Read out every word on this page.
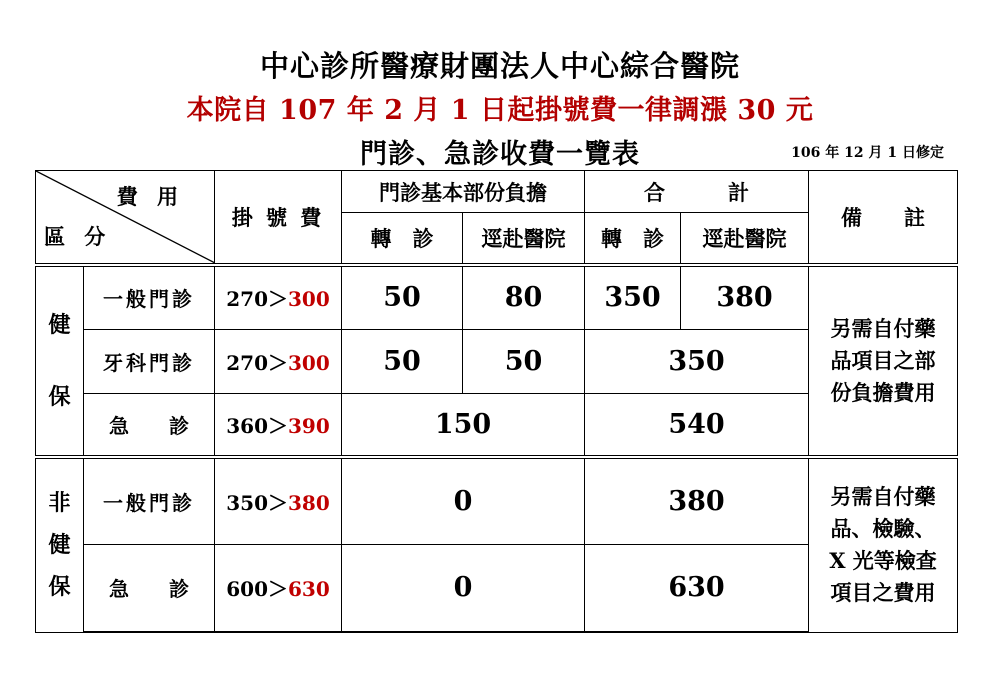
中心診所醫療財團法人中心綜合醫院
本院自 107 年 2 月 1 日起掛號費一律調漲 30 元
門診、急診收費一覽表	106 年 12 月 1 日修定
費 用
區 分		掛 號 費	門診基本部份負擔		合　　　計		備　　註
			轉　診	逕赴醫院	轉　診	逕赴醫院	
健

保	一般門診	270＞300	50	80	350	380	另需自付藥
品項目之部
份負擔費用
	牙科門診	270＞300	50	50	350		
	急　　診	360＞390	150		540		
非
健
保	一般門診	350＞380	0		380		另需自付藥
品、檢驗、
X 光等檢查
項目之費用
	急　　診	600＞630	0		630		
